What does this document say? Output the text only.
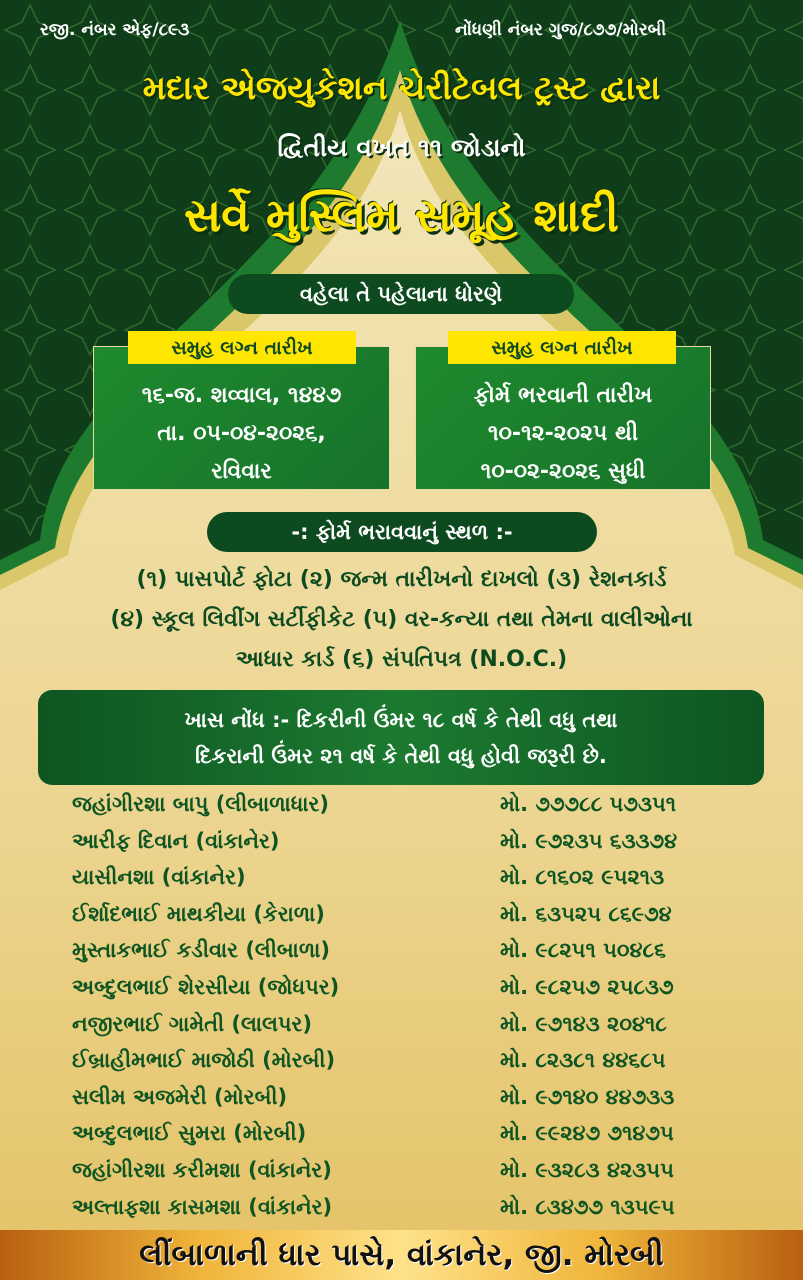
રજી. નંબર એફ/૮૯૩	નોંધણી નંબર ગુજ/૮૭૭/મોરબી
મદાર એજયુકેશન ચેરીટેબલ ટ્રસ્ટ દ્વારા
દ્વિતીય વખત ૧૧ જોડાનો
સર્વે મુસ્લિમ સમૂહ શાદી
વહેલા તે પહેલાના ધોરણે
૧૬-જ. શવ્વાલ, ૧૪૪૭
તા. ૦૫-૦૪-૨૦૨૬,
રવિવાર
સમુહ લગ્ન તારીખ
ફોર્મ ભરવાની તારીખ
૧૦-૧૨-૨૦૨૫ થી
૧૦-૦૨-૨૦૨૬ સુધી
સમુહ લગ્ન તારીખ
-: ફોર્મ ભરાવવાનું સ્થળ :-
(૧) પાસપોર્ટ ફોટા (૨) જન્મ તારીખનો દાખલો (૩) રેશનકાર્ડ
(૪) સ્કૂલ લિવીંગ સર્ટીફીકેટ (૫) વર-કન્યા તથા તેમના વાલીઓના
આધાર કાર્ડ (૬) સંપતિપત્ર (N.O.C.)
ખાસ નોંધ :- દિકરીની ઉંમર ૧૮ વર્ષ કે તેથી વધુ તથા
દિકરાની ઉંમર ૨૧ વર્ષ કે તેથી વધુ હોવી જરૂરી છે.
જહાંગીરશા બાપુ (લીબાળાધાર)	મો. ૭૭૭૮૮ ૫૭૩૫૧
આરીફ દિવાન (વાંકાનેર)	મો. ૯૭૨૩૫ ૬૩૩૭૪
યાસીનશા (વાંકાનેર)	મો. ૮૧૬૦૨ ૯૫૨૧૩
ઈર્શાદભાઈ માથકીયા (કેરાળા)	મો. ૬૩૫૨૫ ૮૬૯૭૪
મુસ્તાકભાઈ કડીવાર (લીબાળા)	મો. ૯૮૨૫૧ ૫૦૪૮૬
અબ્દુલભાઈ શેરસીયા (જોધપર)	મો. ૯૮૨૫૭ ૨૫૮૩૭
નજીરભાઈ ગામેતી (લાલપર)	મો. ૯૭૧૪૩ ૨૦૪૧૮
ઈબ્રાહીમભાઈ માજોઠી (મોરબી)	મો. ૮૨૩૮૧ ૪૪૬૮૫
સલીમ અજમેરી (મોરબી)	મો. ૯૭૧૪૦ ૪૪૭૩૩
અબ્દુલભાઈ સુમરા (મોરબી)	મો. ૯૯૨૪૭ ૭૧૪૭૫
જહાંગીરશા કરીમશા (વાંકાનેર)	મો. ૯૩૨૮૩ ૪૨૩૫૫
અલ્તાફશા કાસમશા (વાંકાનેર)	મો. ૮૩૪૭૭ ૧૩૫૯૫
લીંબાળાની ધાર પાસે, વાંકાનેર, જી. મોરબી
